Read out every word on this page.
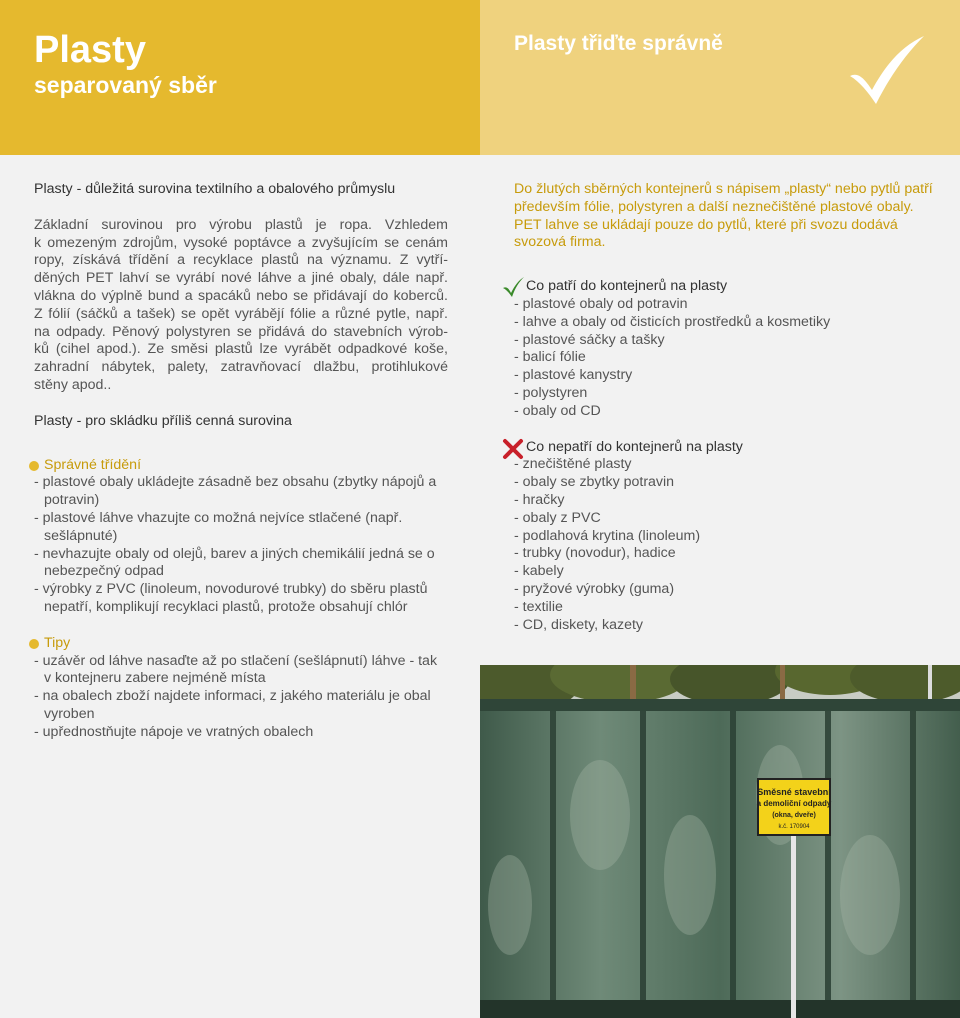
Plasty
separovaný sběr
Plasty třiďte správně

Plasty - důležitá surovina textilního a obalového průmyslu

Základní surovinou pro výrobu plastů je ropa. Vzhledem

k omezeným zdrojům, vysoké poptávce a zvyšujícím se cenám

ropy, získává třídění a recyklace plastů na významu. Z vytří-

děných PET lahví se vyrábí nové láhve a jiné obaly, dále např.

vlákna do výplně bund a spacáků nebo se přidávají do koberců.

Z fólií (sáčků a tašek) se opět vyrábějí fólie a různé pytle, např.

na odpady. Pěnový polystyren se přidává do stavebních výrob-

ků (cihel apod.). Ze směsi plastů lze vyrábět odpadkové koše,

zahradní nábytek, palety, zatravňovací dlažbu, protihlukové

stěny apod..

Plasty - pro skládku příliš cenná surovina

Správné třídění

- plastové obaly ukládejte zásadně bez obsahu (zbytky nápojů a potravin)

- plastové láhve vhazujte co možná nejvíce stlačené (např. sešlápnuté)

- nevhazujte obaly od olejů, barev a jiných chemikálií jedná se o nebezpečný odpad

- výrobky z PVC (linoleum, novodurové trubky) do sběru plastů nepatří, komplikují recyklaci plastů, protože obsahují chlór

Tipy

- uzávěr od láhve nasaďte až po stlačení (sešlápnutí) láhve - tak v kontejneru zabere nejméně místa

- na obalech zboží najdete informaci, z jakého materiálu je obal vyroben

- upřednostňujte nápoje ve vratných obalech

Do žlutých sběrných kontejnerů s nápisem „plasty“ nebo pytlů patří především fólie, polystyren a další neznečištěné plastové obaly.

PET lahve se ukládají pouze do pytlů, které při svozu dodává svozová firma.

Co patří do kontejnerů na plasty

- plastové obaly od potravin

- lahve a obaly od čisticích prostředků a kosmetiky

- plastové sáčky a tašky

- balicí fólie

- plastové kanystry

- polystyren

- obaly od CD

Co nepatří do kontejnerů na plasty

- znečištěné plasty

- obaly se zbytky potravin

- hračky

- obaly z PVC

- podlahová krytina (linoleum)

- trubky (novodur), hadice

- kabely

- pryžové výrobky (guma)

- textilie

- CD, diskety, kazety

Směsné stavební
a demoliční odpady
(okna, dveře)
k.č. 170904
